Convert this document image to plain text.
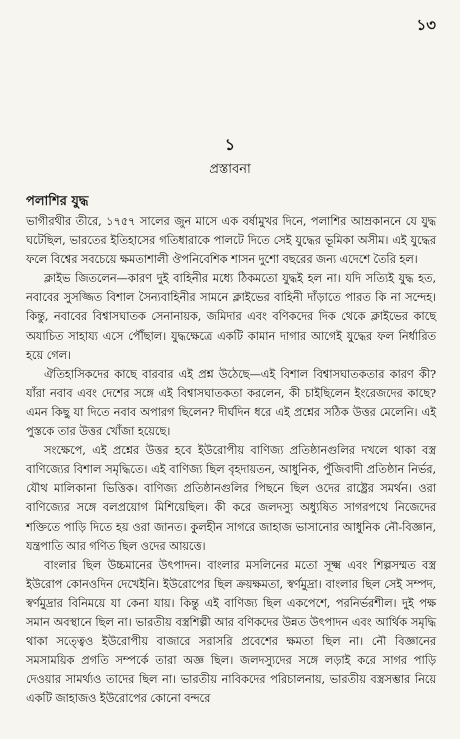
১৩
১
প্রস্তাবনা
পলাশির যুদ্ধ

ভাগীরথীর তীরে, ১৭৫৭ সালের জুন মাসে এক বর্ষামুখর দিনে, পলাশির আম্রকাননে যে যুদ্ধ ঘটেছিল, ভারতের ইতিহাসের গতিধারাকে পালটে দিতে সেই যুদ্ধের ভূমিকা অসীম। এই যুদ্ধের ফলে বিশ্বের সবচেয়ে ক্ষমতাশালী ঔপনিবেশিক শাসন দুশো বছরের জন্য এদেশে তৈরি হল।

ক্লাইভ জিতলেন—কারণ দুই বাহিনীর মধ্যে ঠিকমতো যুদ্ধই হল না। যদি সত্যিই যুদ্ধ হত, নবাবের সুসজ্জিত বিশাল সৈন্যবাহিনীর সামনে ক্লাইভের বাহিনী দাঁড়াতে পারত কি না সন্দেহ। কিন্তু, নবাবের বিশ্বাসঘাতক সেনানায়ক, জমিদার এবং বণিকদের দিক থেকে ক্লাইভের কাছে অযাচিত সাহায্য এসে পৌঁছাল। যুদ্ধক্ষেত্রে একটি কামান দাগার আগেই যুদ্ধের ফল নির্ধারিত হয়ে গেল।

ঐতিহাসিকদের কাছে বারবার এই প্রশ্ন উঠেছে—এই বিশাল বিশ্বাসঘাতকতার কারণ কী? যাঁরা নবাব এবং দেশের সঙ্গে এই বিশ্বাসঘাতকতা করলেন, কী চাইছিলেন ইংরেজদের কাছে? এমন কিছু যা দিতে নবাব অপারগ ছিলেন? দীর্ঘদিন ধরে এই প্রশ্নের সঠিক উত্তর মেলেনি। এই পুস্তকে তার উত্তর খোঁজা হয়েছে।

সংক্ষেপে, এই প্রশ্নের উত্তর হবে ইউরোপীয় বাণিজ্য প্রতিষ্ঠানগুলির দখলে থাকা বস্ত্র বাণিজ্যের বিশাল সমৃদ্ধিতে। এই বাণিজ্য ছিল বৃহদায়তন, আধুনিক, পুঁজিবাদী প্রতিষ্ঠান নির্ভর, যৌথ মালিকানা ভিত্তিক। বাণিজ্য প্রতিষ্ঠানগুলির পিছনে ছিল ওদের রাষ্ট্রের সমর্থন। ওরা বাণিজ্যের সঙ্গে বলপ্রয়োগ মিশিয়েছিল। কী করে জলদস্যু অধ্যুষিত সাগরপথে নিজেদের শক্তিতে পাড়ি দিতে হয় ওরা জানত। কুলহীন সাগরে জাহাজ ভাসানোর আধুনিক নৌ-বিজ্ঞান, যন্ত্রপাতি আর গণিত ছিল ওদের আয়ত্তে।

বাংলার ছিল উচ্চমানের উৎপাদন। বাংলার মসলিনের মতো সূক্ষ্ম এবং শিল্পসম্মত বস্ত্র ইউরোপ কোনওদিন দেখেইনি। ইউরোপের ছিল ক্রয়ক্ষমতা, স্বর্ণমুদ্রা। বাংলার ছিল সেই সম্পদ, স্বর্ণমুদ্রার বিনিময়ে যা কেনা যায়। কিন্তু এই বাণিজ্য ছিল একপেশে, পরনির্ভরশীল। দুই পক্ষ সমান অবস্থানে ছিল না। ভারতীয় বস্ত্রশিল্পী আর বণিকদের উন্নত উৎপাদন এবং আর্থিক সমৃদ্ধি থাকা সত্ত্বেও ইউরোপীয় বাজারে সরাসরি প্রবেশের ক্ষমতা ছিল না। নৌ বিজ্ঞানের সমসাময়িক প্রগতি সম্পর্কে তারা অজ্ঞ ছিল। জলদস্যুদের সঙ্গে লড়াই করে সাগর পাড়ি দেওয়ার সামর্থ্যও তাদের ছিল না। ভারতীয় নাবিকদের পরিচালনায়, ভারতীয় বস্ত্রসম্ভার নিয়ে একটি জাহাজও ইউরোপের কোনো বন্দরে
